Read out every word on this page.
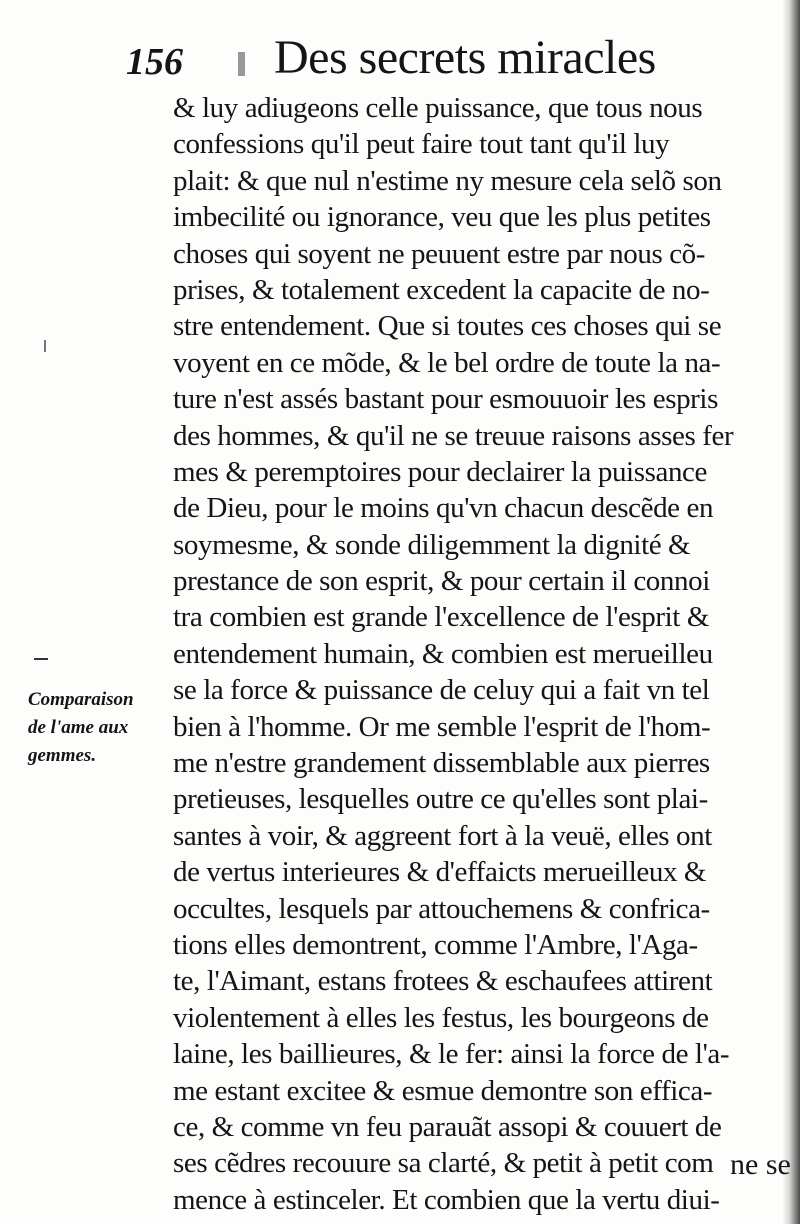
156 Des secrets miracles
Comparaison
de l'ame aux
gemmes.
& luy adiugeons celle puissance, que tous nous
confessions qu'il peut faire tout tant qu'il luy
plait: & que nul n'estime ny mesure cela selõ son
imbecilité ou ignorance, veu que les plus petites
choses qui soyent ne peuuent estre par nous cõ-
prises, & totalement excedent la capacite de no-
stre entendement. Que si toutes ces choses qui se
voyent en ce mõde, & le bel ordre de toute la na-
ture n'est assés bastant pour esmouuoir les espris
des hommes, & qu'il ne se treuue raisons asses fer
mes & peremptoires pour declairer la puissance
de Dieu, pour le moins qu'vn chacun descẽde en
soymesme, & sonde diligemment la dignité &
prestance de son esprit, & pour certain il connoi
tra combien est grande l'excellence de l'esprit &
entendement humain, & combien est merueilleu
se la force & puissance de celuy qui a fait vn tel
bien à l'homme. Or me semble l'esprit de l'hom-
me n'estre grandement dissemblable aux pierres
pretieuses, lesquelles outre ce qu'elles sont plai-
santes à voir, & aggreent fort à la veuë, elles ont
de vertus interieures & d'effaicts merueilleux &
occultes, lesquels par attouchemens & confrica-
tions elles demontrent, comme l'Ambre, l'Aga-
te, l'Aimant, estans frotees & eschaufees attirent
violentement à elles les festus, les bourgeons de
laine, les baillieures, & le fer: ainsi la force de l'a-
me estant excitee & esmue demontre son effica-
ce, & comme vn feu parauãt assopi & couuert de
ses cẽdres recouure sa clarté, & petit à petit com
mence à estinceler. Et combien que la vertu diui-
ne se
